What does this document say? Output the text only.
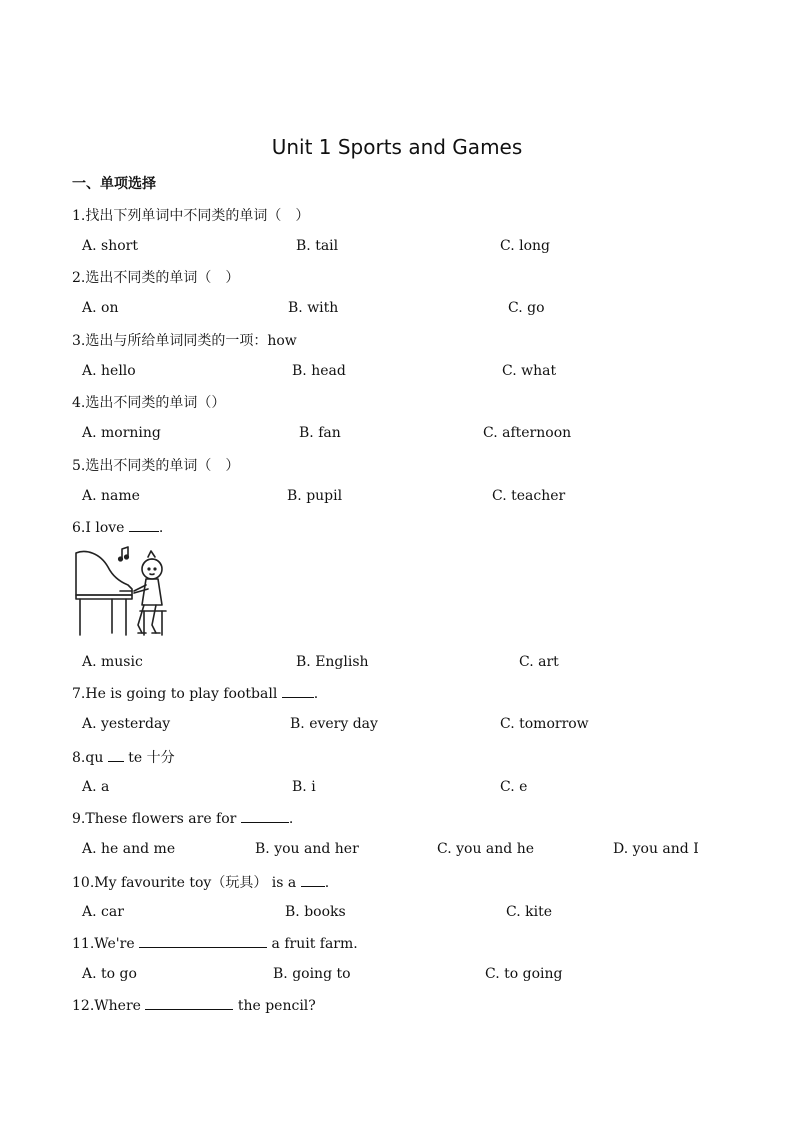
Unit 1 Sports and Games
一、单项选择
1.找出下列单词中不同类的单词（　）
A. short	B. tail	C. long
2.选出不同类的单词（　）
A. on	B. with	C. go
3.选出与所给单词同类的一项：how
A. hello	B. head	C. what
4.选出不同类的单词（）
A. morning	B. fan	C. afternoon
5.选出不同类的单词（　）
A. name	B. pupil	C. teacher
6.I love .
A. music	B. English	C. art
7.He is going to play football .
A. yesterday	B. every day	C. tomorrow
8.qu  te 十分
A. a	B. i	C. e
9.These flowers are for	.
A. he and me	B. you and her	C. you and he	D. you and I
10.My favourite toy（玩具） is a .
A. car	B. books	C. kite
11.We're	a fruit farm.
A. to go	B. going to	C. to going
12.Where	the pencil?
